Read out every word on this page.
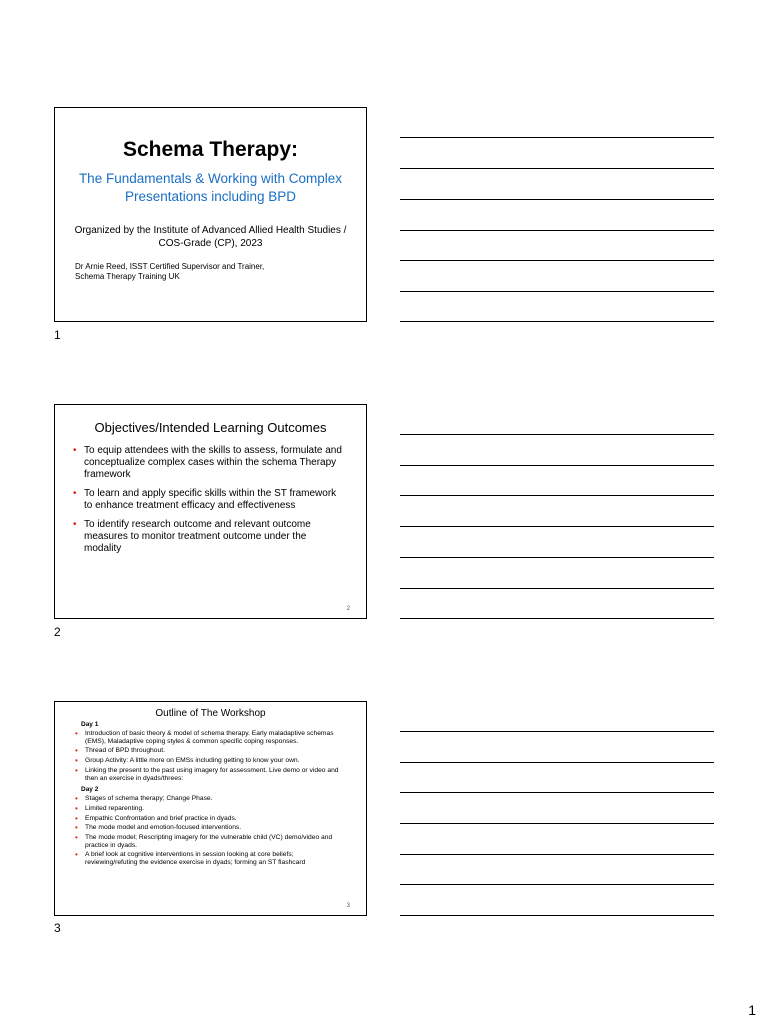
Schema Therapy:
The Fundamentals & Working with Complex Presentations including BPD
Organized by the Institute of Advanced Allied Health Studies / COS-Grade (CP), 2023
Dr Arnie Reed, ISST Certified Supervisor and Trainer,
Schema Therapy Training UK
1
Objectives/Intended Learning Outcomes
• To equip attendees with the skills to assess, formulate and conceptualize complex cases within the schema Therapy framework
• To learn and apply specific skills within the ST framework to enhance treatment efficacy and effectiveness
• To identify research outcome and relevant outcome measures to monitor treatment outcome under the modality
2
2
Outline of The Workshop
Day 1
• Introduction of basic theory & model of schema therapy. Early maladaptive schemas (EMS), Maladaptive coping styles & common specific coping responses.
• Thread of BPD throughout.
• Group Activity: A little more on EMSs including getting to know your own.
• Linking the present to the past using imagery for assessment. Live demo or video and then an exercise in dyads/threes:
Day 2
• Stages of schema therapy; Change Phase.
• Limited reparenting.
• Empathic Confrontation and brief practice in dyads.
• The mode model and emotion-focused interventions.
• The mode model; Rescripting imagery for the vulnerable child (VC) demo/video and practice in dyads.
• A brief look at cognitive interventions in session looking at core beliefs; reviewing/refuting the evidence exercise in dyads; forming an ST flashcard
3
3
1
